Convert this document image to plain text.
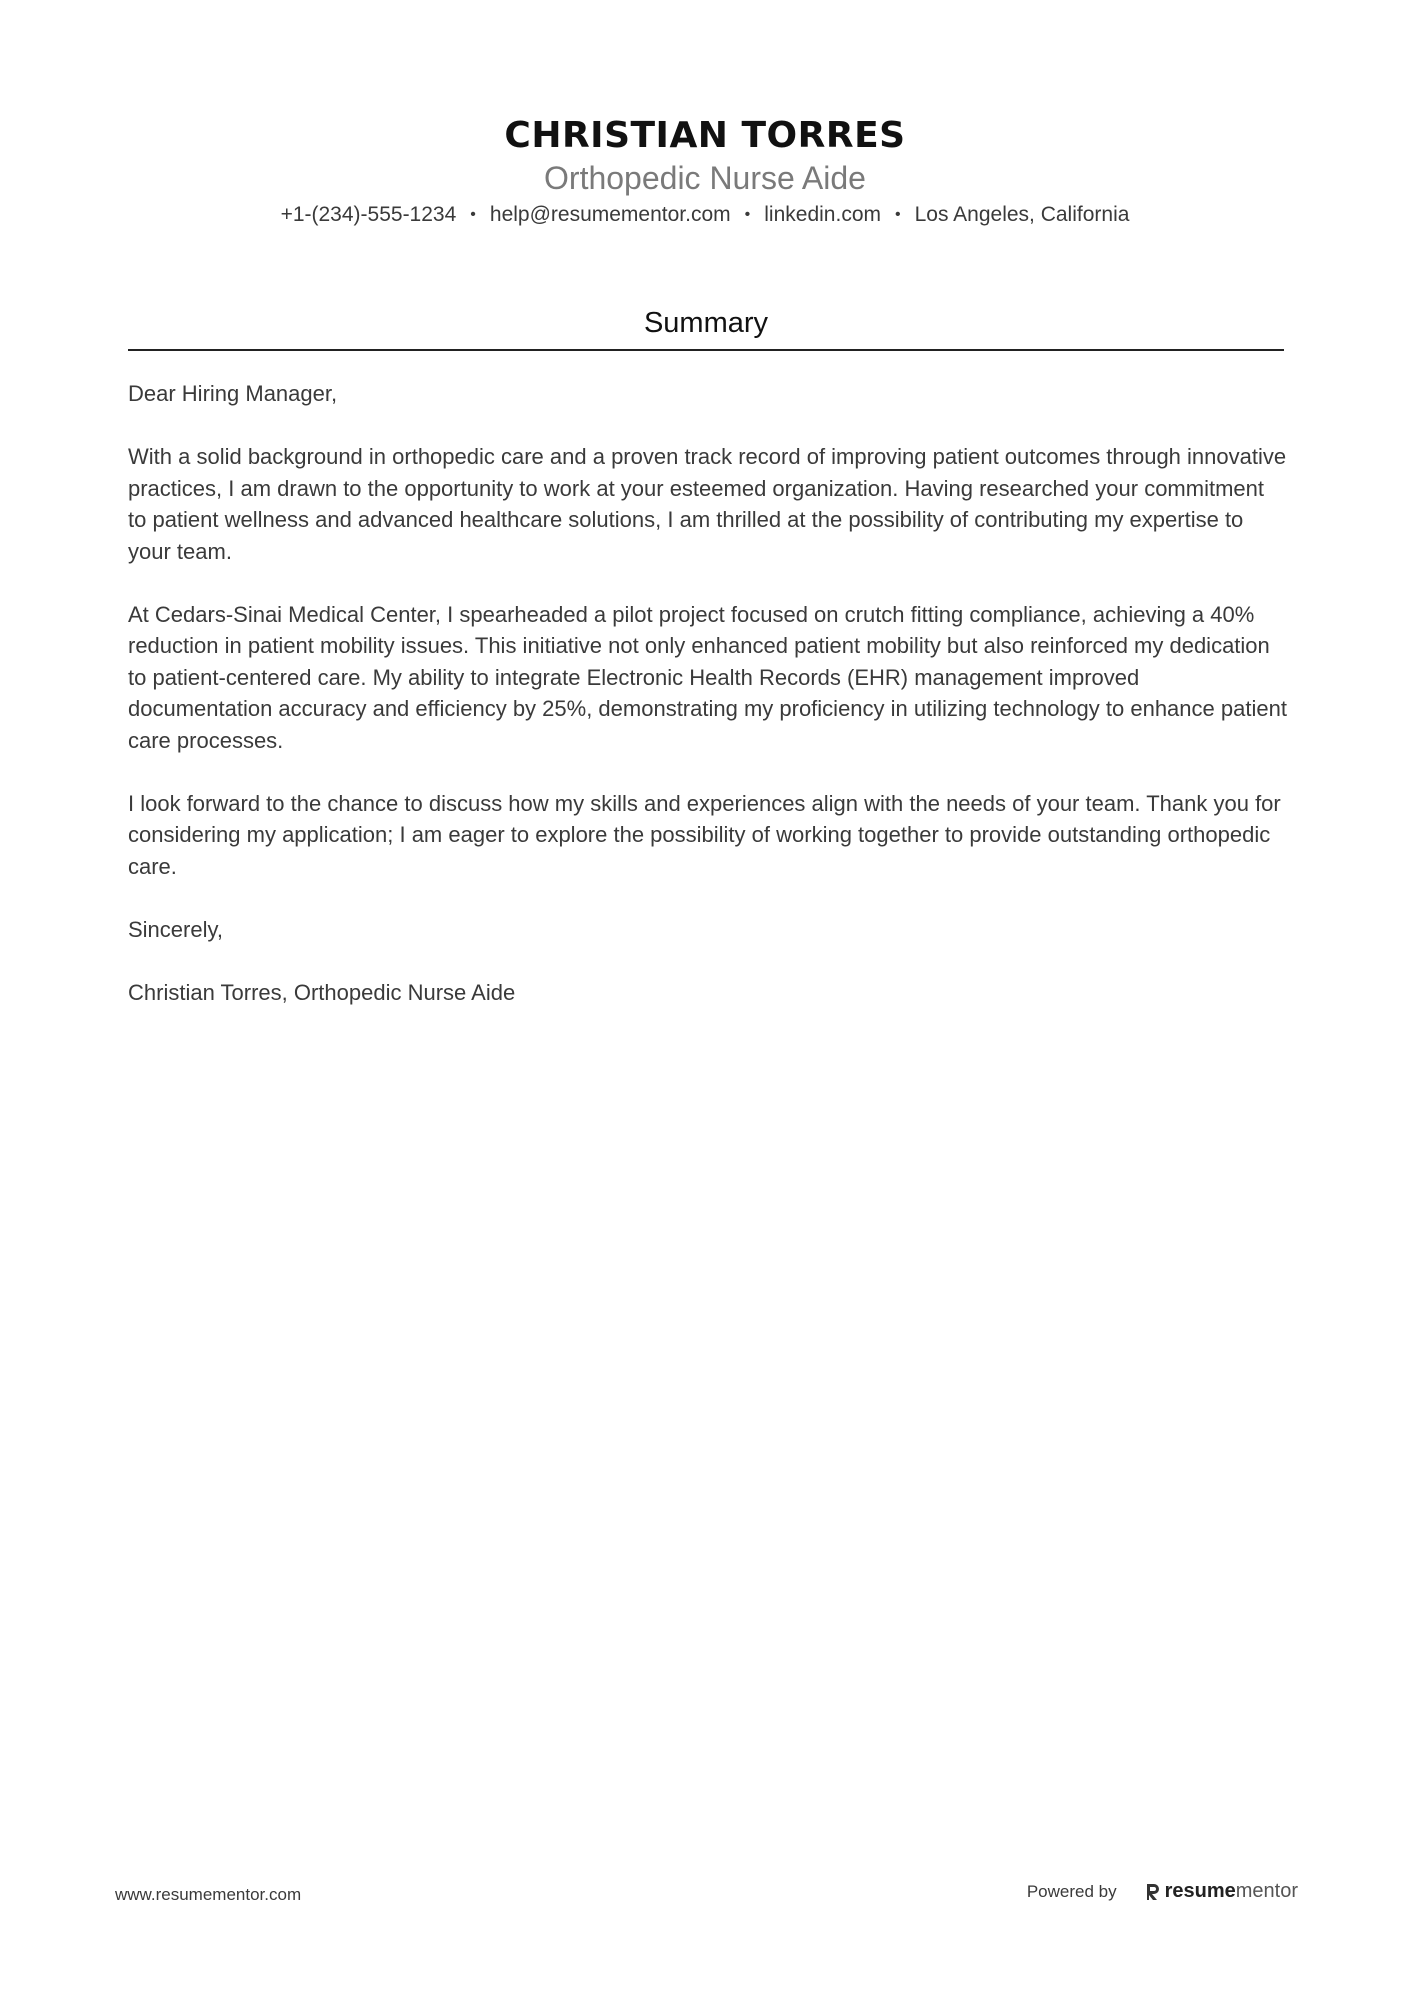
CHRISTIAN TORRES
Orthopedic Nurse Aide
+1-(234)-555-1234 • help@resumementor.com • linkedin.com • Los Angeles, California
Summary

Dear Hiring Manager,

With a solid background in orthopedic care and a proven track record of improving patient outcomes through innovative practices, I am drawn to the opportunity to work at your esteemed organization. Having researched your commitment to patient wellness and advanced healthcare solutions, I am thrilled at the possibility of contributing my expertise to your team.

At Cedars-Sinai Medical Center, I spearheaded a pilot project focused on crutch fitting compliance, achieving a 40% reduction in patient mobility issues. This initiative not only enhanced patient mobility but also reinforced my dedication to patient-centered care. My ability to integrate Electronic Health Records (EHR) management improved documentation accuracy and efficiency by 25%, demonstrating my proficiency in utilizing technology to enhance patient care processes.

I look forward to the chance to discuss how my skills and experiences align with the needs of your team. Thank you for considering my application; I am eager to explore the possibility of working together to provide outstanding orthopedic care.

Sincerely,

Christian Torres, Orthopedic Nurse Aide

www.resumementor.com	Powered by resume mentor
